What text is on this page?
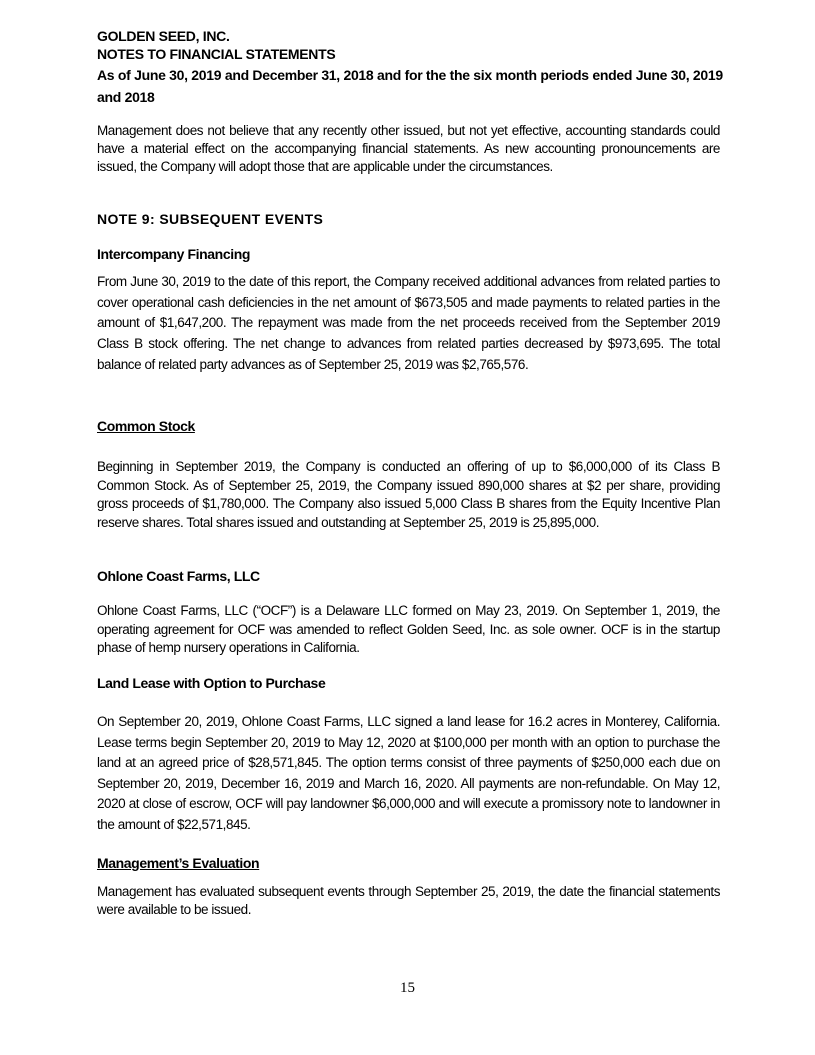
GOLDEN SEED, INC.
NOTES TO FINANCIAL STATEMENTS
As of June 30, 2019 and December 31, 2018 and for the the six month periods ended June 30, 2019 and 2018

Management does not believe that any recently other issued, but not yet effective, accounting standards could have a material effect on the accompanying financial statements. As new accounting pronouncements are issued, the Company will adopt those that are applicable under the circumstances.

NOTE 9: SUBSEQUENT EVENTS
Intercompany Financing

From June 30, 2019 to the date of this report, the Company received additional advances from related parties to cover operational cash deficiencies in the net amount of $673,505 and made payments to related parties in the amount of $1,647,200. The repayment was made from the net proceeds received from the September 2019 Class B stock offering. The net change to advances from related parties decreased by $973,695. The total balance of related party advances as of September 25, 2019 was $2,765,576.

Common Stock

Beginning in September 2019, the Company is conducted an offering of up to $6,000,000 of its Class B Common Stock. As of September 25, 2019, the Company issued 890,000 shares at $2 per share, providing gross proceeds of $1,780,000. The Company also issued 5,000 Class B shares from the Equity Incentive Plan reserve shares. Total shares issued and outstanding at September 25, 2019 is 25,895,000.

Ohlone Coast Farms, LLC

Ohlone Coast Farms, LLC (“OCF”) is a Delaware LLC formed on May 23, 2019. On September 1, 2019, the operating agreement for OCF was amended to reflect Golden Seed, Inc. as sole owner. OCF is in the startup phase of hemp nursery operations in California.

Land Lease with Option to Purchase

On September 20, 2019, Ohlone Coast Farms, LLC signed a land lease for 16.2 acres in Monterey, California. Lease terms begin September 20, 2019 to May 12, 2020 at $100,000 per month with an option to purchase the land at an agreed price of $28,571,845. The option terms consist of three payments of $250,000 each due on September 20, 2019, December 16, 2019 and March 16, 2020. All payments are non-refundable. On May 12, 2020 at close of escrow, OCF will pay landowner $6,000,000 and will execute a promissory note to landowner in the amount of $22,571,845.

Management’s Evaluation

Management has evaluated subsequent events through September 25, 2019, the date the financial statements were available to be issued.

15
